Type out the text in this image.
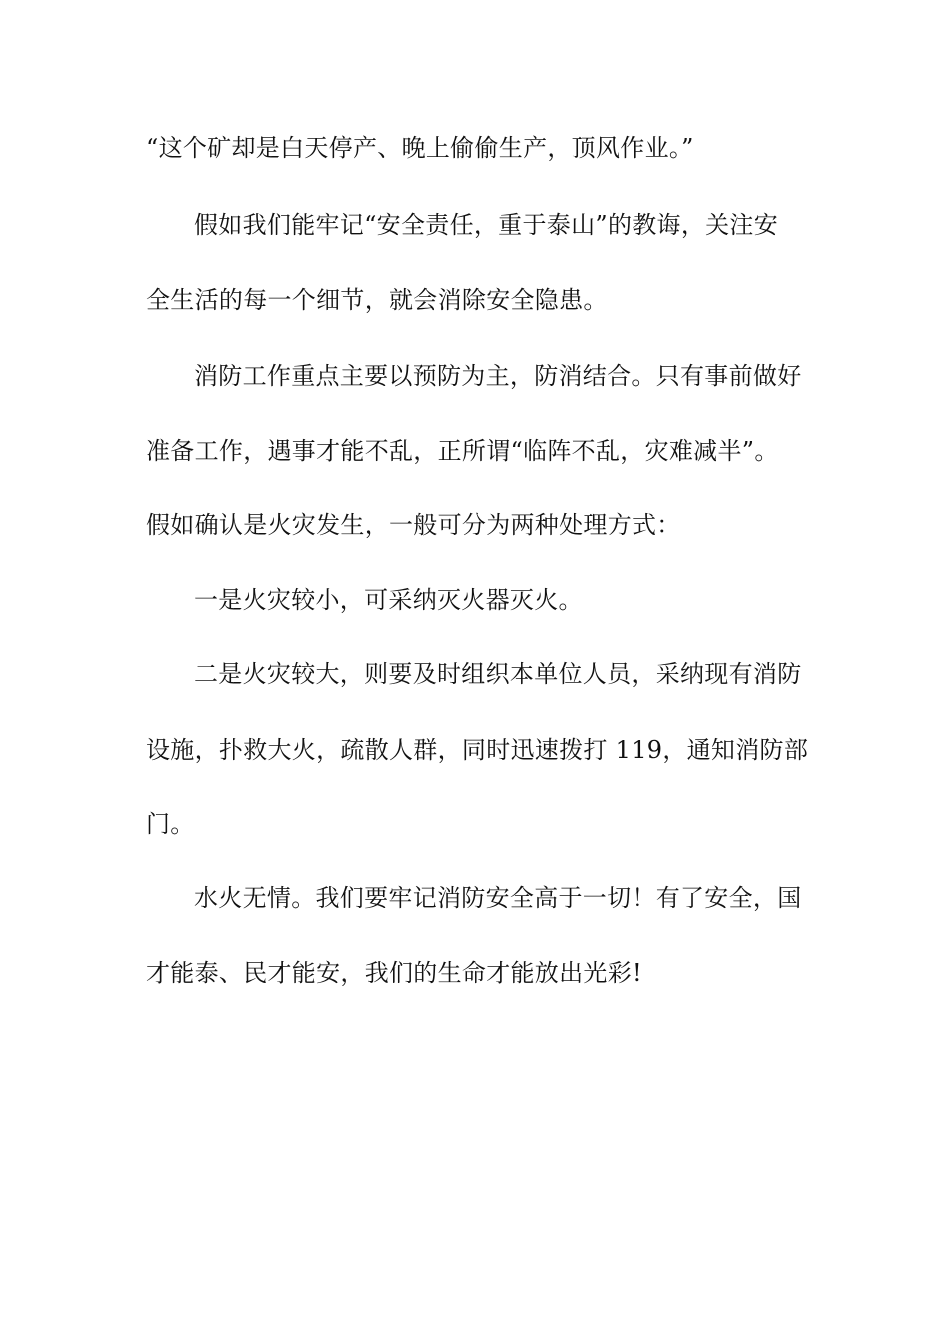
“这个矿却是白天停产、晚上偷偷生产，顶风作业。”
假如我们能牢记“安全责任，重于泰山”的教诲，关注安
全生活的每一个细节，就会消除安全隐患。
消防工作重点主要以预防为主，防消结合。只有事前做好
准备工作，遇事才能不乱，正所谓“临阵不乱，灾难减半”。
假如确认是火灾发生，一般可分为两种处理方式：
一是火灾较小，可采纳灭火器灭火。
二是火灾较大，则要及时组织本单位人员，采纳现有消防
设施，扑救大火，疏散人群，同时迅速拨打 119，通知消防部
门。
水火无情。我们要牢记消防安全高于一切！有了安全，国
才能泰、民才能安，我们的生命才能放出光彩!
